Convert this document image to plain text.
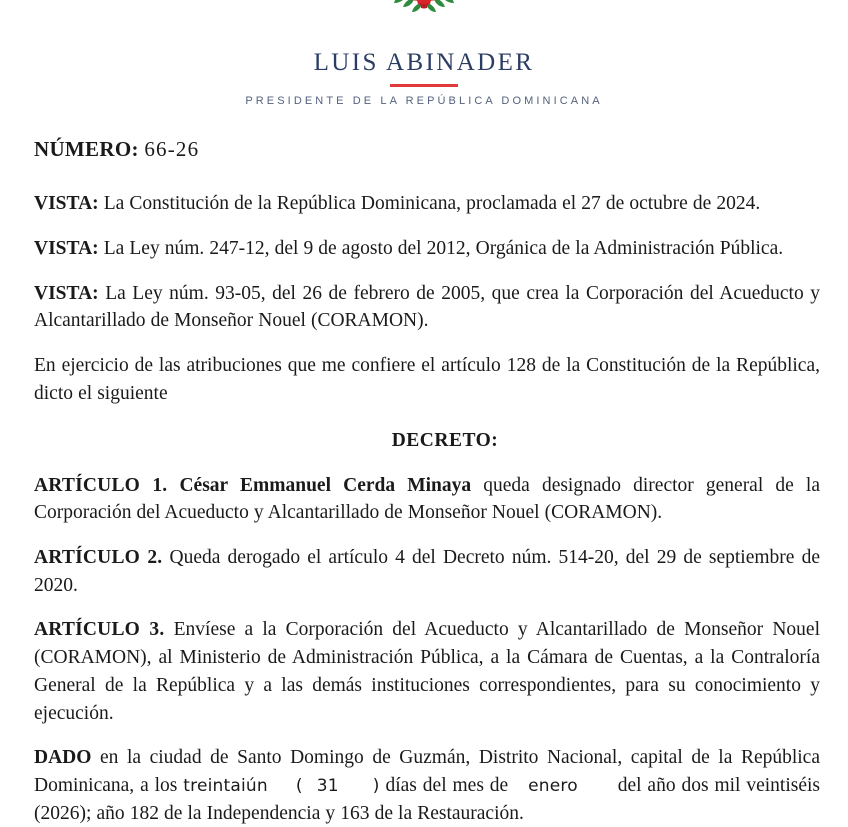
LUIS ABINADER
PRESIDENTE DE LA REPÚBLICA DOMINICANA
NÚMERO: 66-26

VISTA: La Constitución de la República Dominicana, proclamada el 27 de octubre de 2024.

VISTA: La Ley núm. 247-12, del 9 de agosto del 2012, Orgánica de la Administración Pública.

VISTA: La Ley núm. 93-05, del 26 de febrero de 2005, que crea la Corporación del Acueducto y Alcantarillado de Monseñor Nouel (CORAMON).

En ejercicio de las atribuciones que me confiere el artículo 128 de la Constitución de la República, dicto el siguiente

DECRETO:

ARTÍCULO 1. César Emmanuel Cerda Minaya queda designado director general de la Corporación del Acueducto y Alcantarillado de Monseñor Nouel (CORAMON).

ARTÍCULO 2. Queda derogado el artículo 4 del Decreto núm. 514-20, del 29 de septiembre de 2020.

ARTÍCULO 3. Envíese a la Corporación del Acueducto y Alcantarillado de Monseñor Nouel (CORAMON), al Ministerio de Administración Pública, a la Cámara de Cuentas, a la Contraloría General de la República y a las demás instituciones correspondientes, para su conocimiento y ejecución.

DADO en la ciudad de Santo Domingo de Guzmán, Distrito Nacional, capital de la República Dominicana, a los treintaiún ( 31 ) días del mes de enero del año dos mil veintiséis (2026); año 182 de la Independencia y 163 de la Restauración.
